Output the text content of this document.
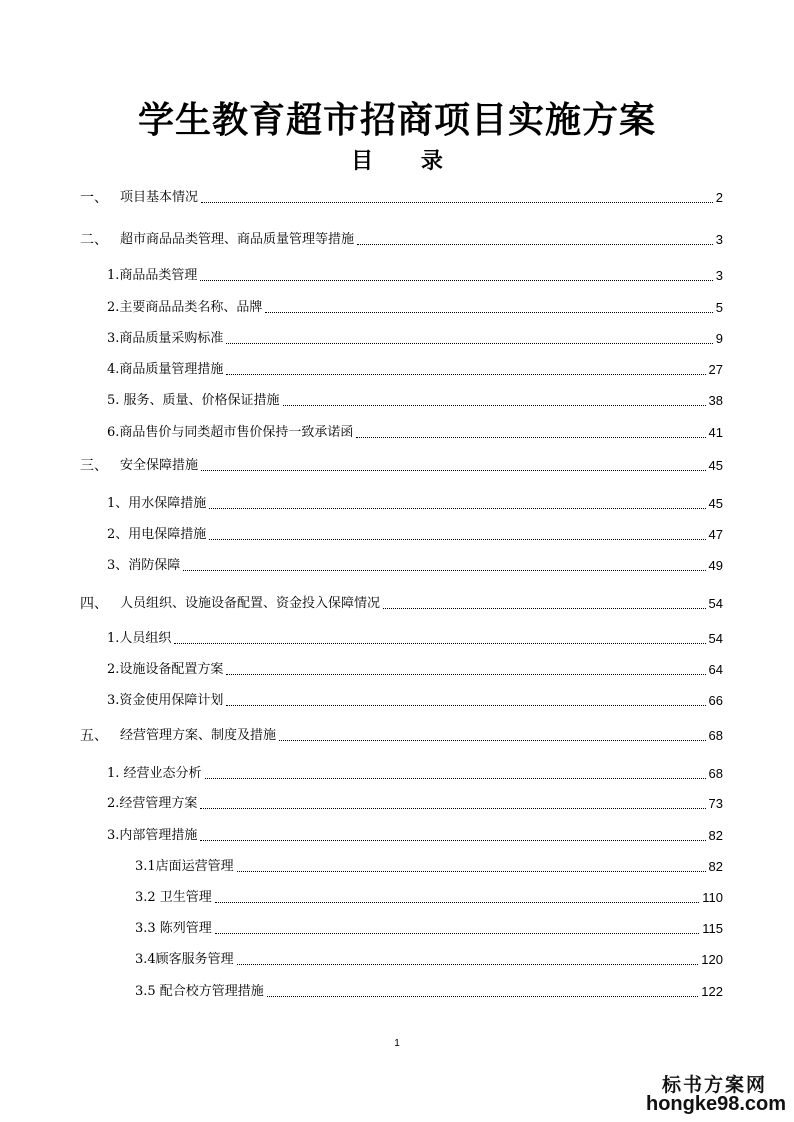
学生教育超市招商项目实施方案
目 录
一、 项目基本情况	2
二、 超市商品品类管理、商品质量管理等措施	3
1.商品品类管理	3
2.主要商品品类名称、品牌	5
3.商品质量采购标准	9
4.商品质量管理措施	27
5. 服务、质量、价格保证措施	38
6.商品售价与同类超市售价保持一致承诺函	41
三、 安全保障措施	45
1、用水保障措施	45
2、用电保障措施	47
3、消防保障	49
四、 人员组织、设施设备配置、资金投入保障情况	54
1.人员组织	54
2.设施设备配置方案	64
3.资金使用保障计划	66
五、 经营管理方案、制度及措施	68
1. 经营业态分析	68
2.经营管理方案	73
3.内部管理措施	82
3.1店面运营管理	82
3.2 卫生管理	110
3.3 陈列管理	115
3.4顾客服务管理	120
3.5 配合校方管理措施	122
1
标书方案网
hongke98.com
